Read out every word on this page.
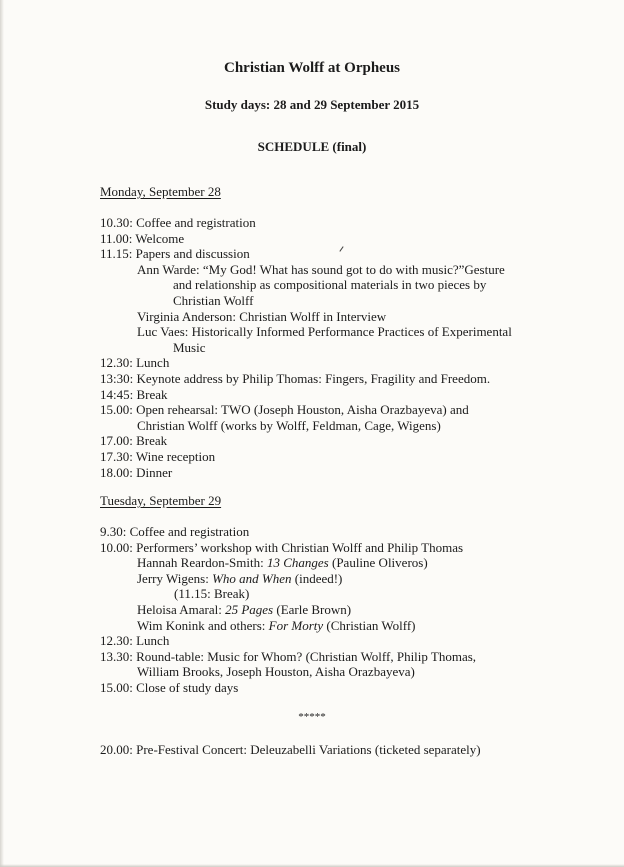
Christian Wolff at Orpheus
Study days: 28 and 29 September 2015
SCHEDULE (final)
Monday, September 28
10.30: Coffee and registration
11.00: Welcome
11.15: Papers and discussion
Ann Warde: “My God! What has sound got to do with music?”Gesture
and relationship as compositional materials in two pieces by
Christian Wolff
Virginia Anderson: Christian Wolff in Interview
Luc Vaes: Historically Informed Performance Practices of Experimental
Music
12.30: Lunch
13:30: Keynote address by Philip Thomas: Fingers, Fragility and Freedom.
14:45: Break
15.00: Open rehearsal: TWO (Joseph Houston, Aisha Orazbayeva) and
Christian Wolff (works by Wolff, Feldman, Cage, Wigens)
17.00: Break
17.30: Wine reception
18.00: Dinner
Tuesday, September 29
9.30: Coffee and registration
10.00: Performers’ workshop with Christian Wolff and Philip Thomas
Hannah Reardon-Smith: 13 Changes (Pauline Oliveros)
Jerry Wigens: Who and When (indeed!)
(11.15: Break)
Heloisa Amaral: 25 Pages (Earle Brown)
Wim Konink and others: For Morty (Christian Wolff)
12.30: Lunch
13.30: Round-table: Music for Whom? (Christian Wolff, Philip Thomas,
William Brooks, Joseph Houston, Aisha Orazbayeva)
15.00: Close of study days
*****
20.00: Pre-Festival Concert: Deleuzabelli Variations (ticketed separately)
